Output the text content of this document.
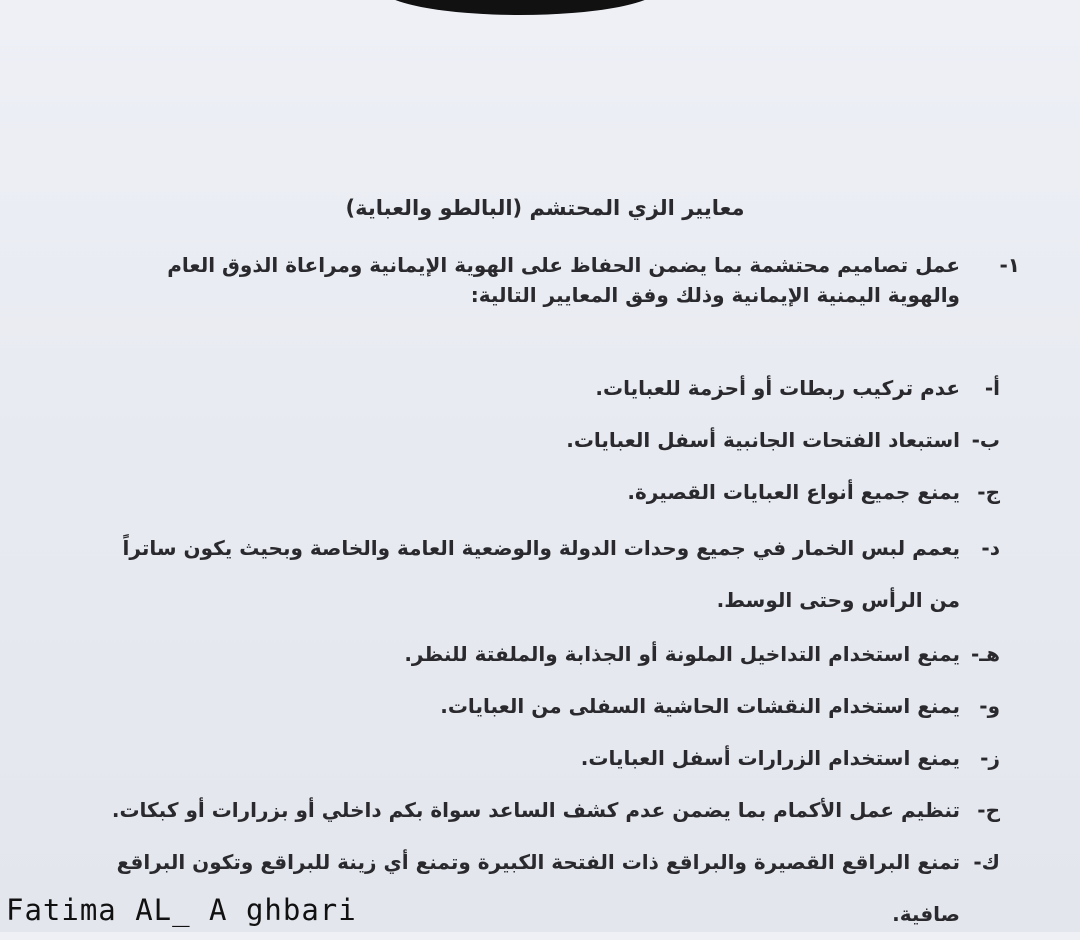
معايير الزي المحتشم (البالطو والعباية)
١-
عمل تصاميم محتشمة بما يضمن الحفاظ على الهوية الإيمانية ومراعاة الذوق العام والهوية اليمنية الإيمانية وذلك وفق المعايير التالية:
أ-
عدم تركيب ربطات أو أحزمة للعبايات.
ب-
استبعاد الفتحات الجانبية أسفل العبايات.
ج-
يمنع جميع أنواع العبايات القصيرة.
د-
يعمم لبس الخمار في جميع وحدات الدولة والوضعية العامة والخاصة وبحيث يكون ساتراً من الرأس وحتى الوسط.
هـ-
يمنع استخدام التداخيل الملونة أو الجذابة والملفتة للنظر.
و-
يمنع استخدام النقشات الحاشية السفلى من العبايات.
ز-
يمنع استخدام الزرارات أسفل العبايات.
ح-
تنظيم عمل الأكمام بما يضمن عدم كشف الساعد سواة بكم داخلي أو بزرارات أو كبكات.
ك-
تمنع البراقع القصيرة والبراقع ذات الفتحة الكبيرة وتمنع أي زينة للبراقع وتكون البراقع صافية.
Fatima AL_ A ghbari
